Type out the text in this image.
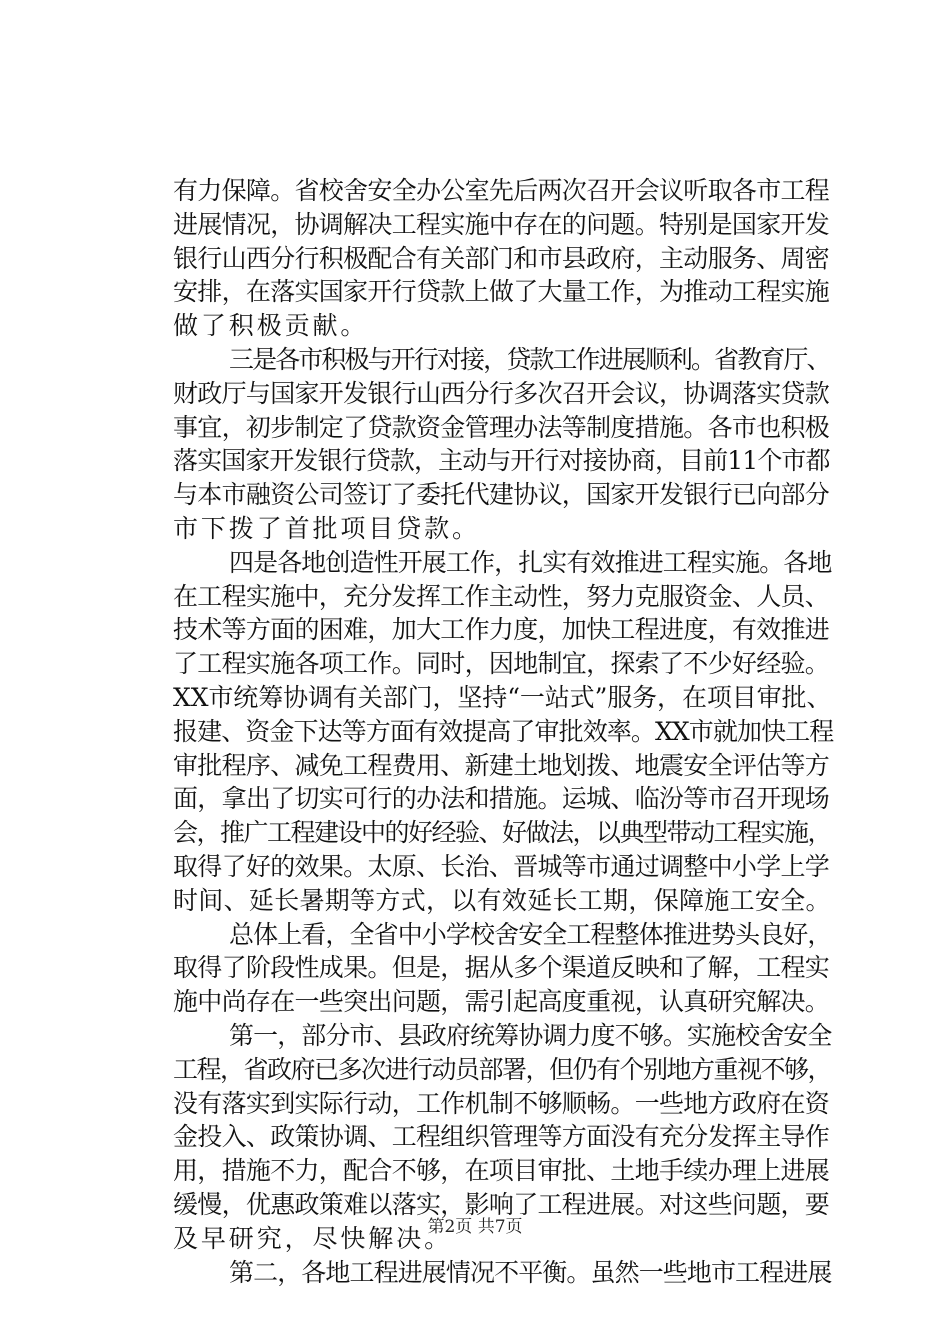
有力保障。省校舍安全办公室先后两次召开会议听取各市工程
进展情况，协调解决工程实施中存在的问题。特别是国家开发
银行山西分行积极配合有关部门和市县政府，主动服务、周密
安排，在落实国家开行贷款上做了大量工作，为推动工程实施
做了积极贡献。
三是各市积极与开行对接，贷款工作进展顺利。省教育厅、
财政厅与国家开发银行山西分行多次召开会议，协调落实贷款
事宜，初步制定了贷款资金管理办法等制度措施。各市也积极
落实国家开发银行贷款，主动与开行对接协商，目前11个市都
与本市融资公司签订了委托代建协议，国家开发银行已向部分
市下拨了首批项目贷款。
四是各地创造性开展工作，扎实有效推进工程实施。各地
在工程实施中，充分发挥工作主动性，努力克服资金、人员、
技术等方面的困难，加大工作力度，加快工程进度，有效推进
了工程实施各项工作。同时，因地制宜，探索了不少好经验。
XX市统筹协调有关部门，坚持“一站式”服务，在项目审批、
报建、资金下达等方面有效提高了审批效率。XX市就加快工程
审批程序、减免工程费用、新建土地划拨、地震安全评估等方
面，拿出了切实可行的办法和措施。运城、临汾等市召开现场
会，推广工程建设中的好经验、好做法，以典型带动工程实施，
取得了好的效果。太原、长治、晋城等市通过调整中小学上学
时间、延长暑期等方式，以有效延长工期，保障施工安全。
总体上看，全省中小学校舍安全工程整体推进势头良好，
取得了阶段性成果。但是，据从多个渠道反映和了解，工程实
施中尚存在一些突出问题，需引起高度重视，认真研究解决。
第一，部分市、县政府统筹协调力度不够。实施校舍安全
工程，省政府已多次进行动员部署，但仍有个别地方重视不够，
没有落实到实际行动，工作机制不够顺畅。一些地方政府在资
金投入、政策协调、工程组织管理等方面没有充分发挥主导作
用，措施不力，配合不够，在项目审批、土地手续办理上进展
缓慢，优惠政策难以落实，影响了工程进展。对这些问题，要
及早研究，尽快解决。
第二，各地工程进展情况不平衡。虽然一些地市工程进展
第2页 共7页
